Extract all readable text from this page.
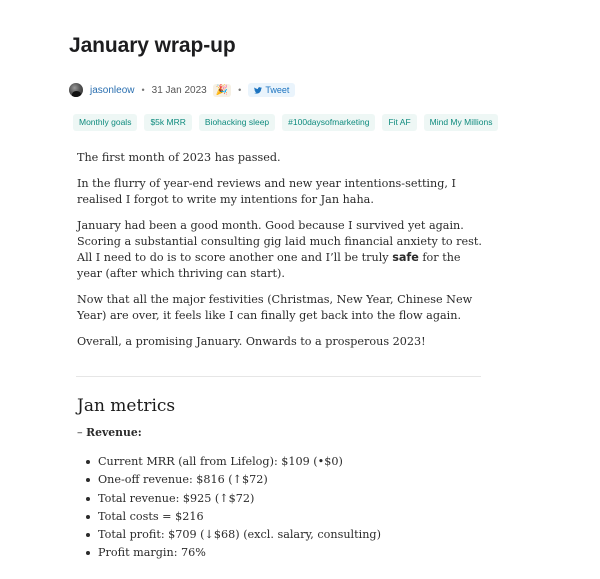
January wrap-up
jasonleow • 31 Jan 2023 🎉	•	Tweet
Monthly goals	$5k MRR	Biohacking sleep	#100daysofmarketing	Fit AF	Mind My Millions

The first month of 2023 has passed.

In the flurry of year-end reviews and new year intentions-setting, I realised I forgot to write my intentions for Jan haha.

January had been a good month. Good because I survived yet again. Scoring a substantial consulting gig laid much financial anxiety to rest. All I need to do is to score another one and I’ll be truly safe for the year (after which thriving can start).

Now that all the major festivities (Christmas, New Year, Chinese New Year) are over, it feels like I can finally get back into the flow again.

Overall, a promising January. Onwards to a prosperous 2023!

Jan metrics
– Revenue:
Current MRR (all from Lifelog): $109 (•$0)
One-off revenue: $816 (↑$72)
Total revenue: $925 (↑$72)
Total costs = $216
Total profit: $709 (↓$68) (excl. salary, consulting)
Profit margin: 76%
